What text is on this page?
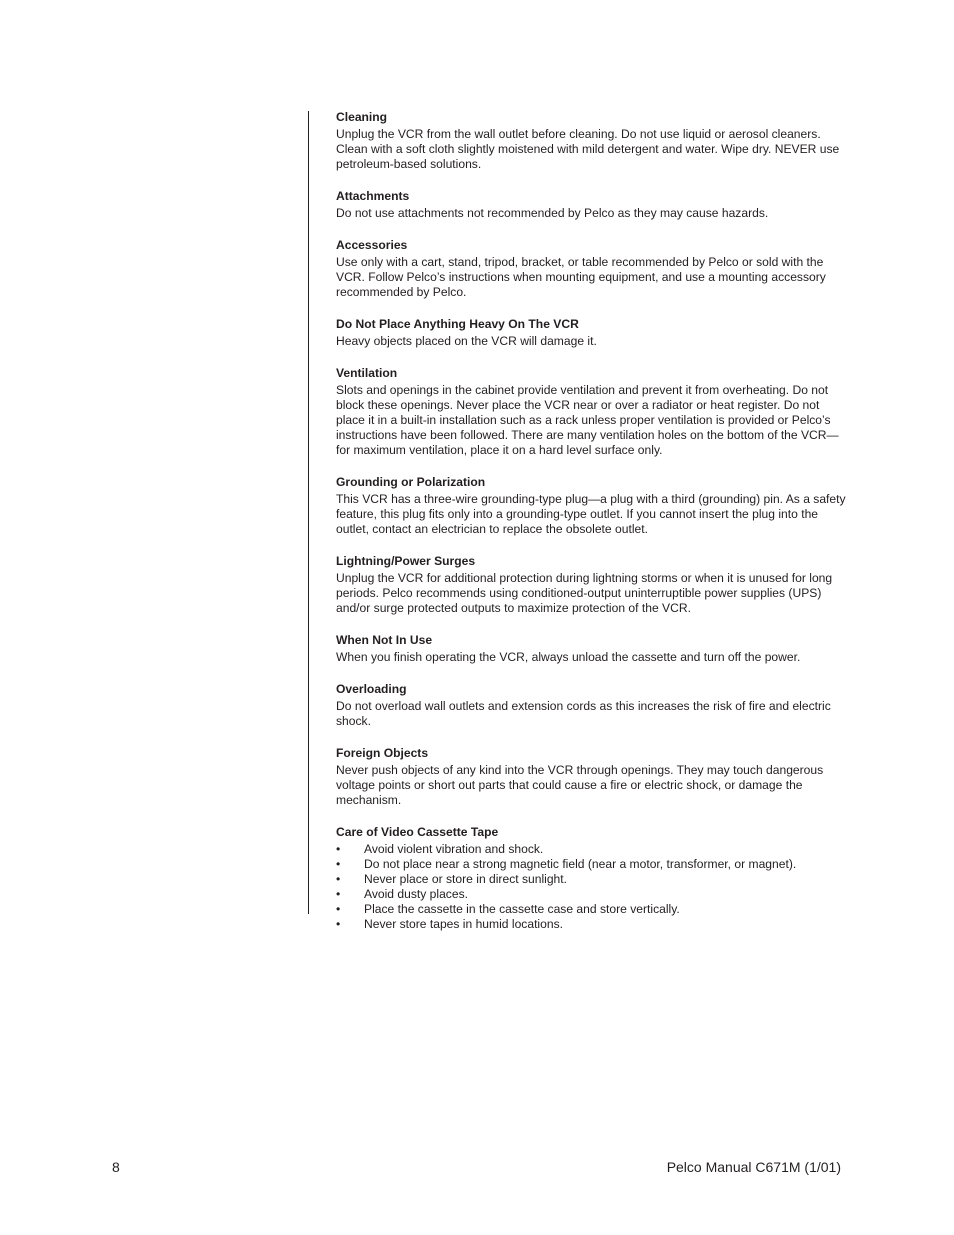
Cleaning

Unplug the VCR from the wall outlet before cleaning. Do not use liquid or aerosol cleaners. Clean with a soft cloth slightly moistened with mild detergent and water. Wipe dry. NEVER use petroleum-based solutions.

Attachments

Do not use attachments not recommended by Pelco as they may cause hazards.

Accessories

Use only with a cart, stand, tripod, bracket, or table recommended by Pelco or sold with the VCR. Follow Pelco’s instructions when mounting equipment, and use a mounting accessory recommended by Pelco.

Do Not Place Anything Heavy On The VCR

Heavy objects placed on the VCR will damage it.

Ventilation

Slots and openings in the cabinet provide ventilation and prevent it from overheating. Do not block these openings. Never place the VCR near or over a radiator or heat register. Do not place it in a built-in installation such as a rack unless proper ventilation is provided or Pelco’s instructions have been followed. There are many ventilation holes on the bottom of the VCR—for maximum ventilation, place it on a hard level surface only.

Grounding or Polarization

This VCR has a three-wire grounding-type plug—a plug with a third (grounding) pin. As a safety feature, this plug fits only into a grounding-type outlet. If you cannot insert the plug into the outlet, contact an electrician to replace the obsolete outlet.

Lightning/Power Surges

Unplug the VCR for additional protection during lightning storms or when it is unused for long periods. Pelco recommends using conditioned-output uninterruptible power supplies (UPS) and/or surge protected outputs to maximize protection of the VCR.

When Not In Use

When you finish operating the VCR, always unload the cassette and turn off the power.

Overloading

Do not overload wall outlets and extension cords as this increases the risk of fire and electric shock.

Foreign Objects

Never push objects of any kind into the VCR through openings. They may touch dangerous voltage points or short out parts that could cause a fire or electric shock, or damage the mechanism.

Care of Video Cassette Tape
• Avoid violent vibration and shock.
• Do not place near a strong magnetic field (near a motor, transformer, or magnet).
• Never place or store in direct sunlight.
• Avoid dusty places.
• Place the cassette in the cassette case and store vertically.
• Never store tapes in humid locations.
8	Pelco Manual C671M (1/01)
